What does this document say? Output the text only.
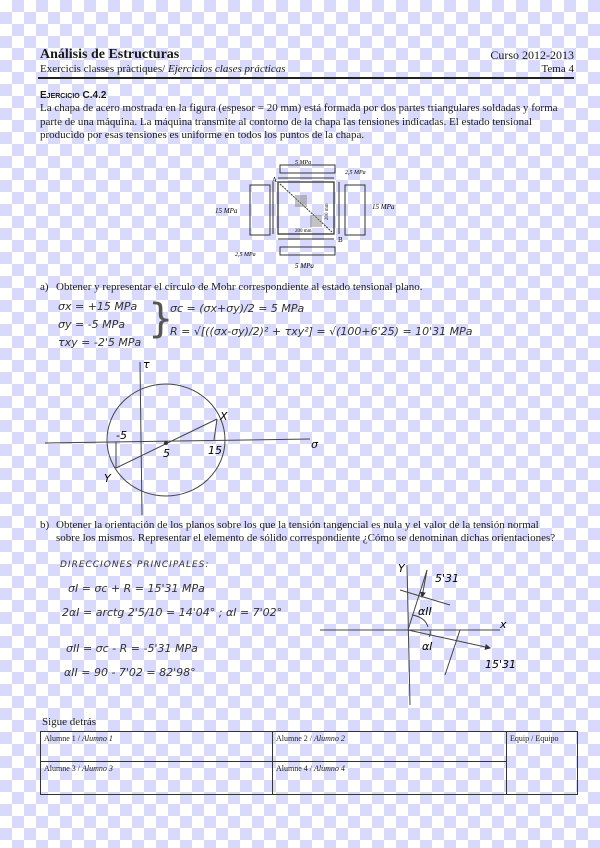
Análisis de Estructuras	Curso 2012-2013
Exercicis classes pràctiques/ Ejercicios clases prácticas	Tema 4
Ejercicio C.4.2
La chapa de acero mostrada en la figura (espesor = 20 mm) está formada por dos partes triangulares soldadas y forma parte de una máquina. La máquina transmite al contorno de la chapa las tensiones indicadas. El estado tensional producido por esas tensiones es uniforme en todos los puntos de la chapa.
A
B
5 MPa
5 MPa
15 MPa	15 MPa
2,5 MPa
2,5 MPa
200 mm
200 mm
a) Obtener y representar el círculo de Mohr correspondiente al estado tensional plano.
σx = +15 MPa
σy = -5 MPa
τxy = -2'5 MPa
}
σc = (σx+σy)/2 = 5 MPa
R = √[((σx-σy)/2)² + τxy²] = √(100+6'25) = 10'31 MPa
τ
σ
X
Y
-5
5	15
b) Obtener la orientación de los planos sobre los que la tensión tangencial es nula y el valor de la tensión normal sobre los mismos. Representar el elemento de sólido correspondiente ¿Cómo se denominan dichas orientaciones?
DIRECCIONES PRINCIPALES:
σI = σc + R = 15'31 MPa
2αI = arctg 2'5/10 = 14'04° ; αI = 7'02°
σII = σc - R = -5'31 MPa
αII = 90 - 7'02 = 82'98°
Y
x
5'31
15'31
αII
αI
Sigue detrás
Alumne 1 / Alumno 1	Alumne 2 / Alumno 2
Alumne 3 / Alumno 3	Alumne 4 / Alumno 4
Equip / Equipo
